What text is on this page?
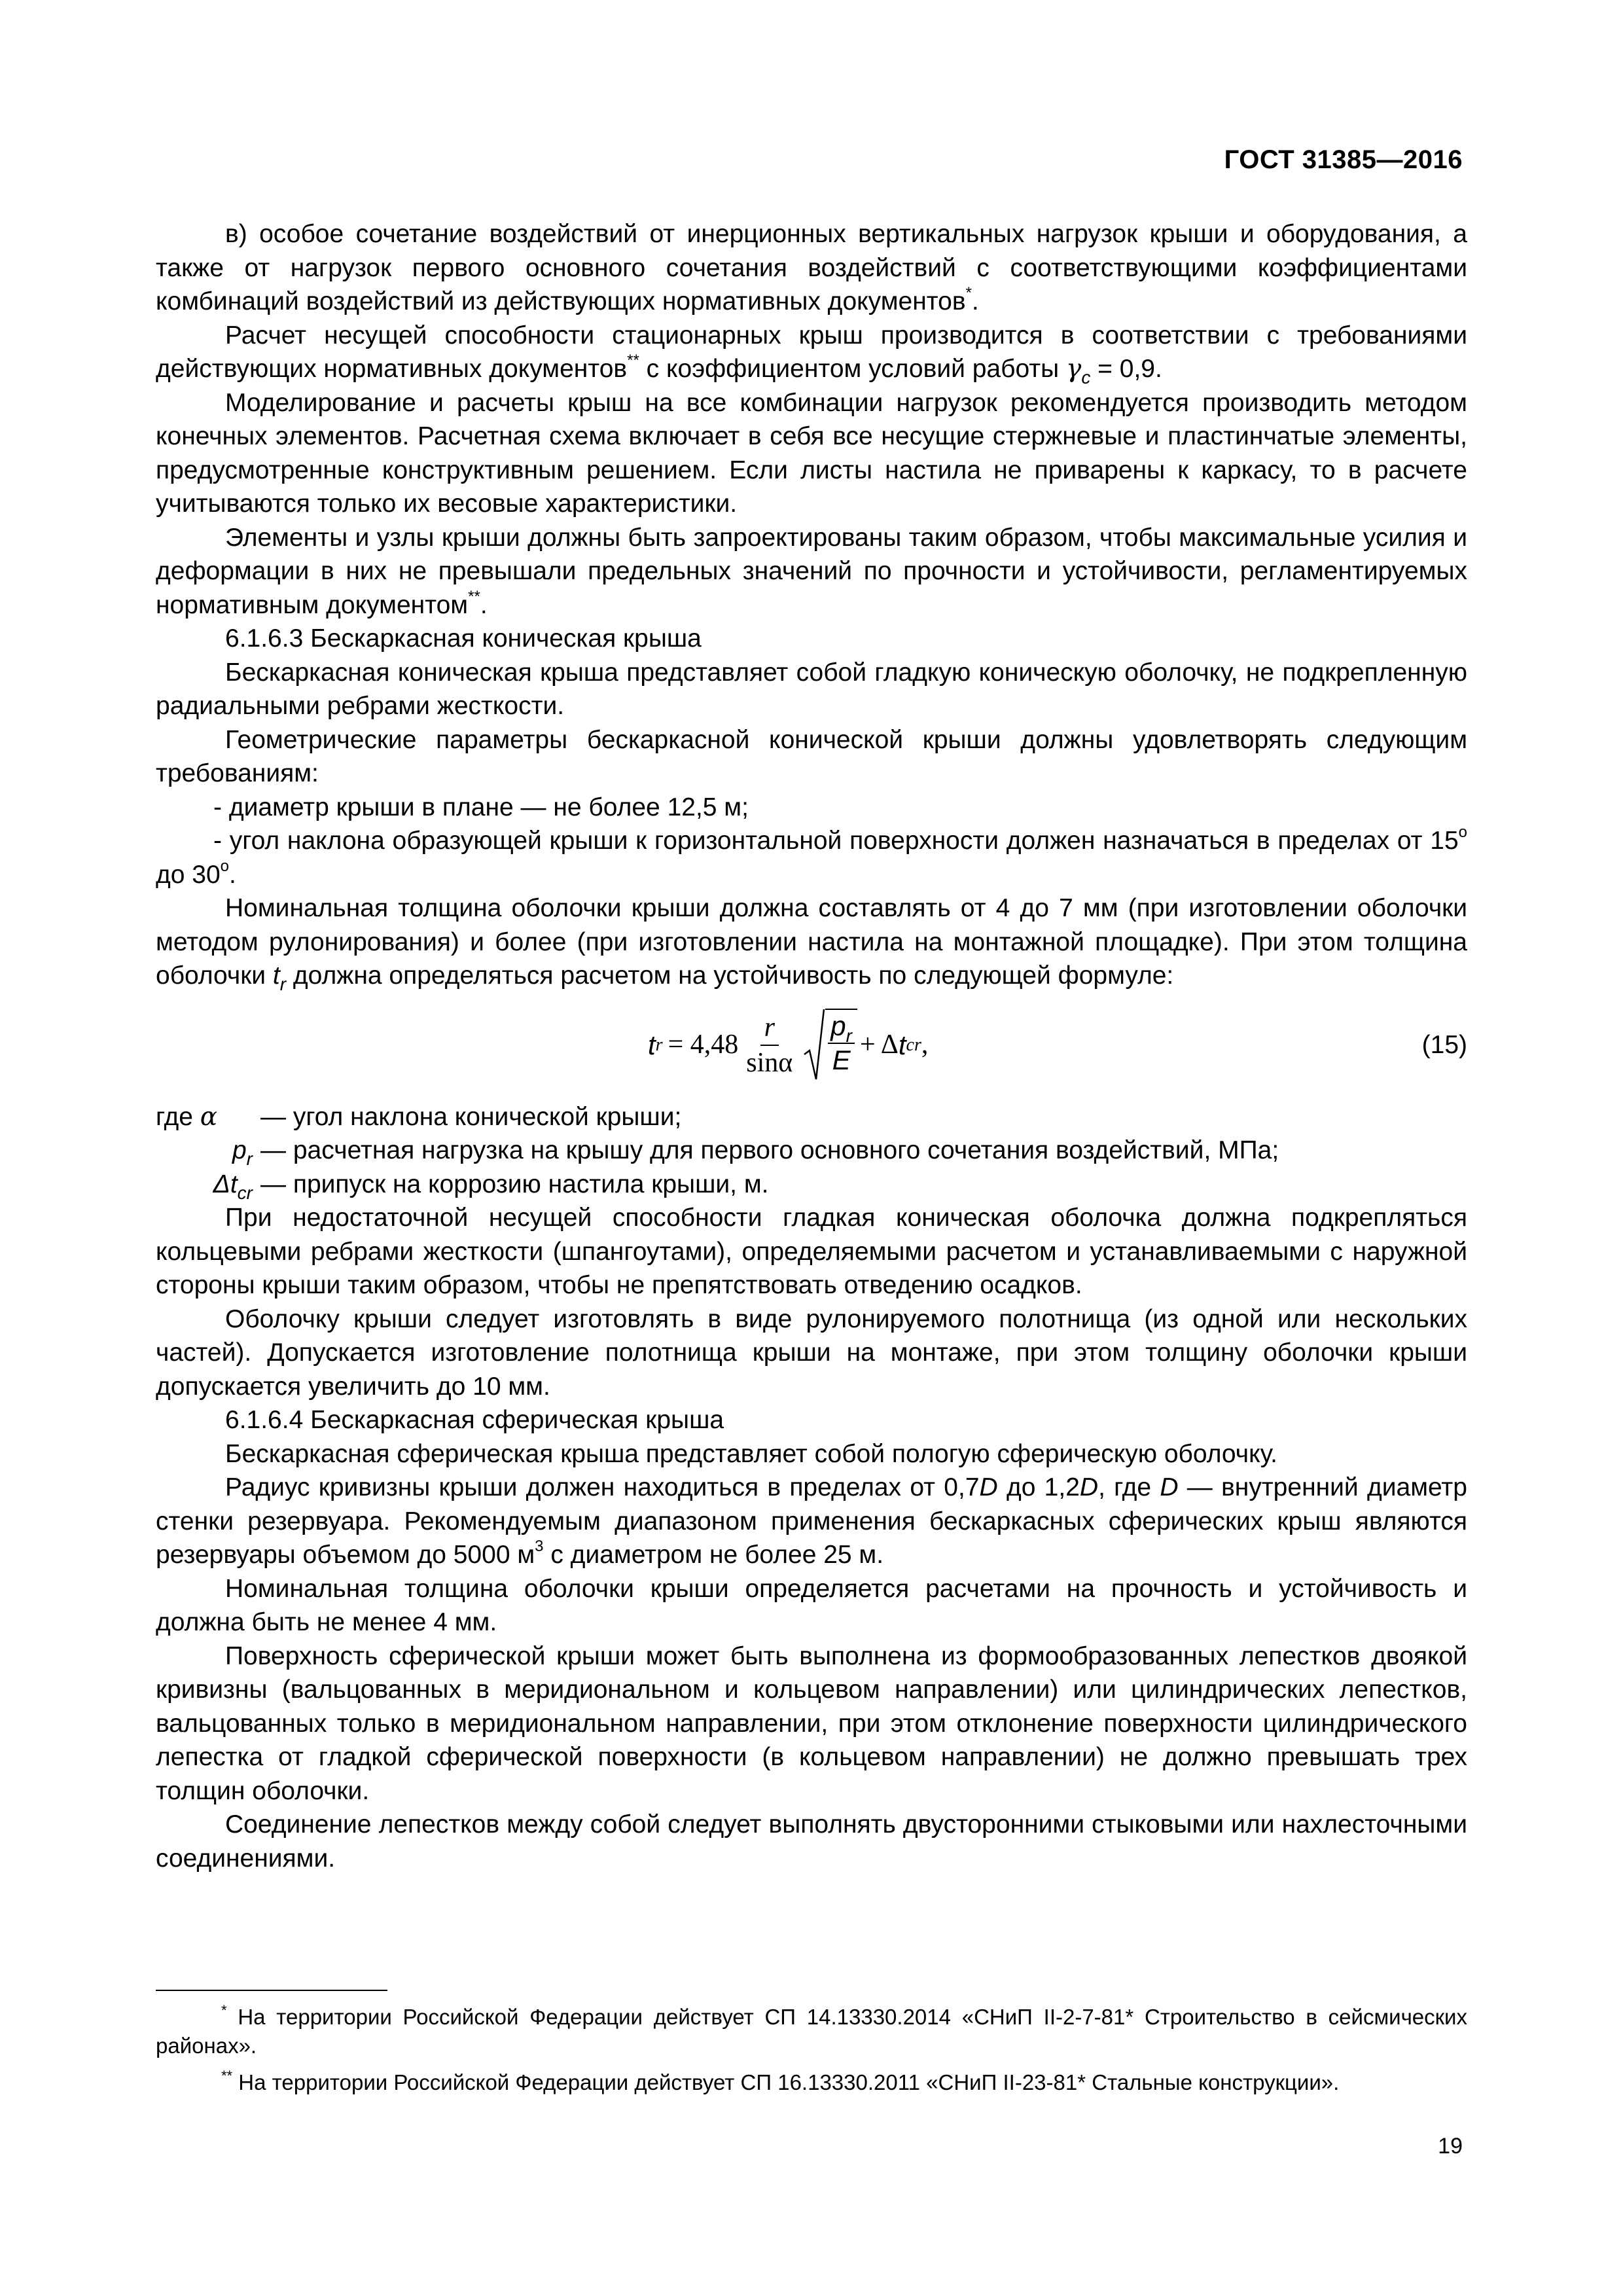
ГОСТ 31385—2016

в) особое сочетание воздействий от инерционных вертикальных нагрузок крыши и оборудования, а также от нагрузок первого основного сочетания воздействий с соответствующими коэффициентами комбинаций воздействий из действующих нормативных документов*.

Расчет несущей способности стационарных крыш производится в соответствии с требованиями действующих нормативных документов** с коэффициентом условий работы $\gamma_c = 0,9$.

Моделирование и расчеты крыш на все комбинации нагрузок рекомендуется производить методом конечных элементов. Расчетная схема включает в себя все несущие стержневые и пластинчатые элементы, предусмотренные конструктивным решением. Если листы настила не приварены к каркасу, то в расчете учитываются только их весовые характеристики.

Элементы и узлы крыши должны быть запроектированы таким образом, чтобы максимальные усилия и деформации в них не превышали предельных значений по прочности и устойчивости, регламентируемых нормативным документом**.

6.1.6.3 Бескаркасная коническая крыша

Бескаркасная коническая крыша представляет собой гладкую коническую оболочку, не подкрепленную радиальными ребрами жесткости.

Геометрические параметры бескаркасной конической крыши должны удовлетворять следующим требованиям:

- диаметр крыши в плане — не более 12,5 м;

- угол наклона образующей крыши к горизонтальной поверхности должен назначаться в пределах от $15^о$ до $30^о$.

Номинальная толщина оболочки крыши должна составлять от 4 до 7 мм (при изготовлении оболочки методом рулонирования) и более (при изготовлении настила на монтажной площадке). При этом толщина оболочки $t_r$ должна определяться расчетом на устойчивость по следующей формуле:

t $r = 4,48 \frac{r}{\sin\alpha} \frac{p_r}{E} + \Delta$ t cr ,	(15)
где α	— угол наклона конической крыши;
$p_r$ — расчетная нагрузка на крышу для первого основного сочетания воздействий, МПа;
$\Delta t_{cr}$ — припуск на коррозию настила крыши, м.

При недостаточной несущей способности гладкая коническая оболочка должна подкрепляться кольцевыми ребрами жесткости (шпангоутами), определяемыми расчетом и устанавливаемыми с наружной стороны крыши таким образом, чтобы не препятствовать отведению осадков.

Оболочку крыши следует изготовлять в виде рулонируемого полотнища (из одной или нескольких частей). Допускается изготовление полотнища крыши на монтаже, при этом толщину оболочки крыши допускается увеличить до 10 мм.

6.1.6.4 Бескаркасная сферическая крыша

Бескаркасная сферическая крыша представляет собой пологую сферическую оболочку.

Радиус кривизны крыши должен находиться в пределах от 0,7D до 1,2D, где D — внутренний диаметр стенки резервуара. Рекомендуемым диапазоном применения бескаркасных сферических крыш являются резервуары объемом до 5000 $м^3$ с диаметром не более 25 м.

Номинальная толщина оболочки крыши определяется расчетами на прочность и устойчивость и должна быть не менее 4 мм.

Поверхность сферической крыши может быть выполнена из формообразованных лепестков двоякой кривизны (вальцованных в меридиональном и кольцевом направлении) или цилиндрических лепестков, вальцованных только в меридиональном направлении, при этом отклонение поверхности цилиндрического лепестка от гладкой сферической поверхности (в кольцевом направлении) не должно превышать трех толщин оболочки.

Соединение лепестков между собой следует выполнять двусторонними стыковыми или нахлесточными соединениями.

* На территории Российской Федерации действует СП 14.13330.2014 «СНиП II-2-7-81* Строительство в сейсмических районах».

** На территории Российской Федерации действует СП 16.13330.2011 «СНиП II-23-81* Стальные конструкции».

19
